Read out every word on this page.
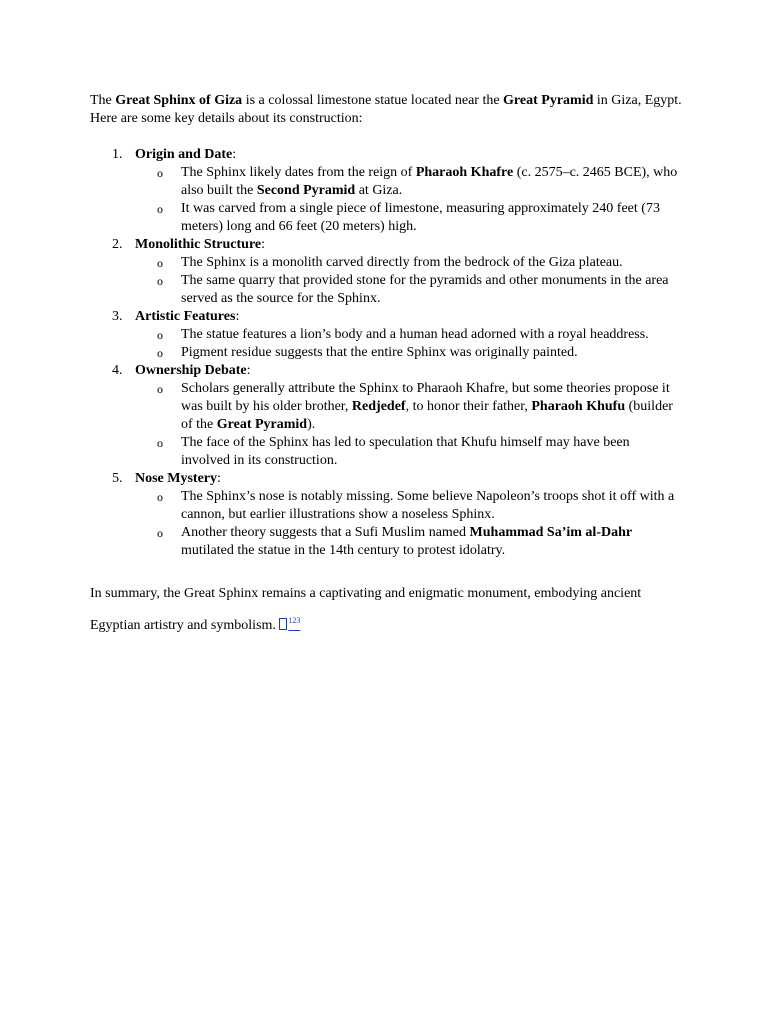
The Great Sphinx of Giza is a colossal limestone statue located near the Great Pyramid in Giza, Egypt. Here are some key details about its construction:

1. Origin and Date:
o The Sphinx likely dates from the reign of Pharaoh Khafre (c. 2575–c. 2465 BCE), who also built the Second Pyramid at Giza.
o It was carved from a single piece of limestone, measuring approximately 240 feet (73 meters) long and 66 feet (20 meters) high.
2. Monolithic Structure:
o The Sphinx is a monolith carved directly from the bedrock of the Giza plateau.
o The same quarry that provided stone for the pyramids and other monuments in the area served as the source for the Sphinx.
3. Artistic Features:
o The statue features a lion’s body and a human head adorned with a royal headdress.
o Pigment residue suggests that the entire Sphinx was originally painted.
4. Ownership Debate:
o Scholars generally attribute the Sphinx to Pharaoh Khafre, but some theories propose it was built by his older brother, Redjedef, to honor their father, Pharaoh Khufu (builder of the Great Pyramid).
o The face of the Sphinx has led to speculation that Khufu himself may have been involved in its construction.
5. Nose Mystery:
o The Sphinx’s nose is notably missing. Some believe Napoleon’s troops shot it off with a cannon, but earlier illustrations show a noseless Sphinx.
o Another theory suggests that a Sufi Muslim named Muhammad Sa’im al-Dahr mutilated the statue in the 14th century to protest idolatry.

In summary, the Great Sphinx remains a captivating and enigmatic monument, embodying ancient Egyptian artistry and symbolism. $^{123}$
